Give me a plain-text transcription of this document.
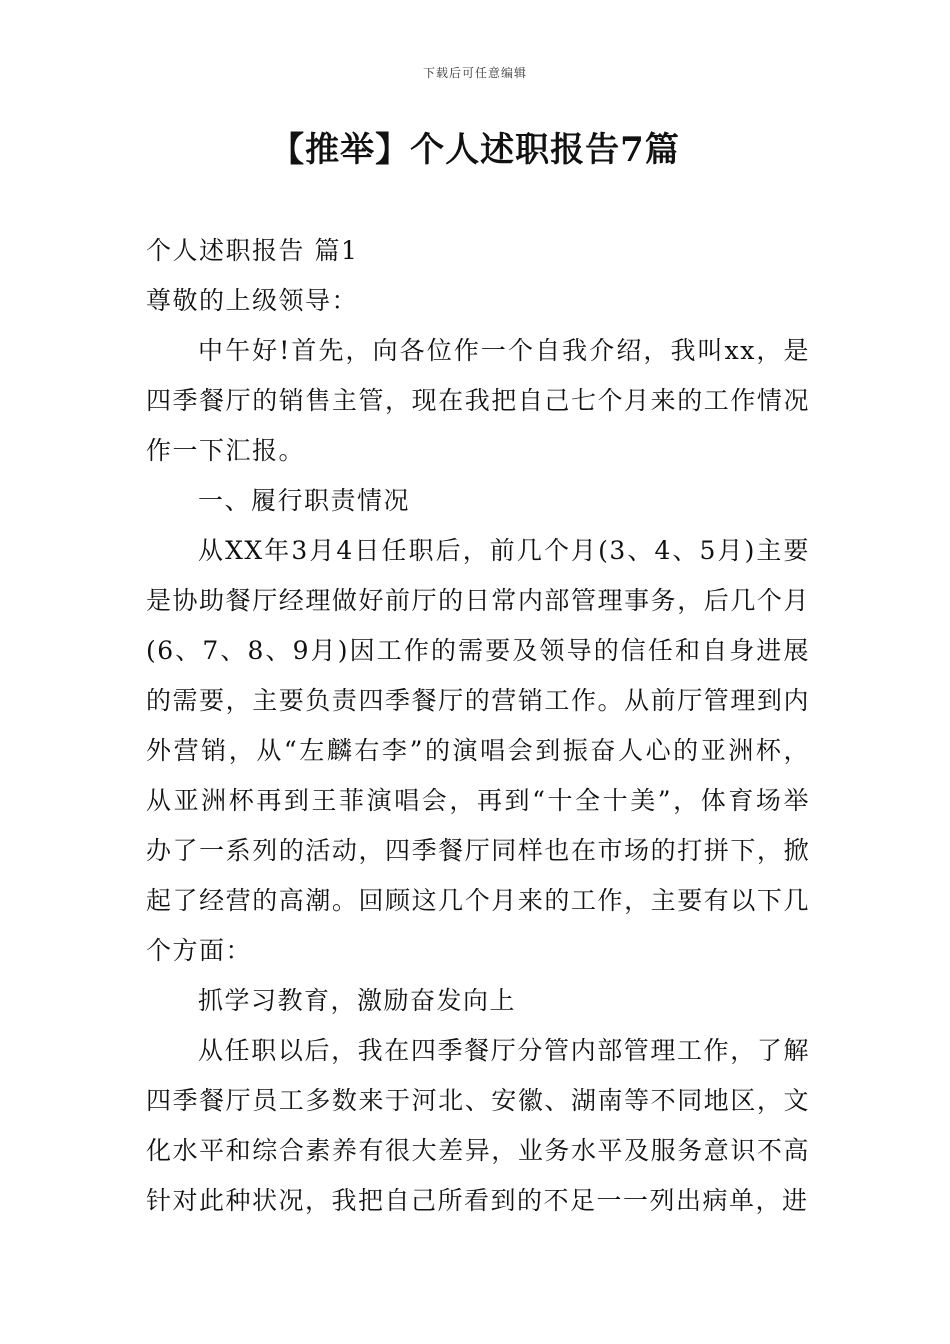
下载后可任意编辑
【推举】个人述职报告7篇

个人述职报告 篇1

尊敬的上级领导：

中午好!首先，向各位作一个自我介绍，我叫xx，是四季餐厅的销售主管，现在我把自己七个月来的工作情况作一下汇报。

一、履行职责情况

从XX年3月4日任职后，前几个月(3、4、5月)主要是协助餐厅经理做好前厅的日常内部管理事务，后几个月(6、7、8、9月)因工作的需要及领导的信任和自身进展的需要，主要负责四季餐厅的营销工作。从前厅管理到内外营销，从“左麟右李”的演唱会到振奋人心的亚洲杯，从亚洲杯再到王菲演唱会，再到“十全十美”，体育场举办了一系列的活动，四季餐厅同样也在市场的打拼下，掀起了经营的高潮。回顾这几个月来的工作，主要有以下几个方面：

抓学习教育，激励奋发向上

从任职以后，我在四季餐厅分管内部管理工作，了解四季餐厅员工多数来于河北、安徽、湖南等不同地区，文化水平和综合素养有很大差异，业务水平及服务意识不高针对此种状况，我把自己所看到的不足一一列出病单，进
